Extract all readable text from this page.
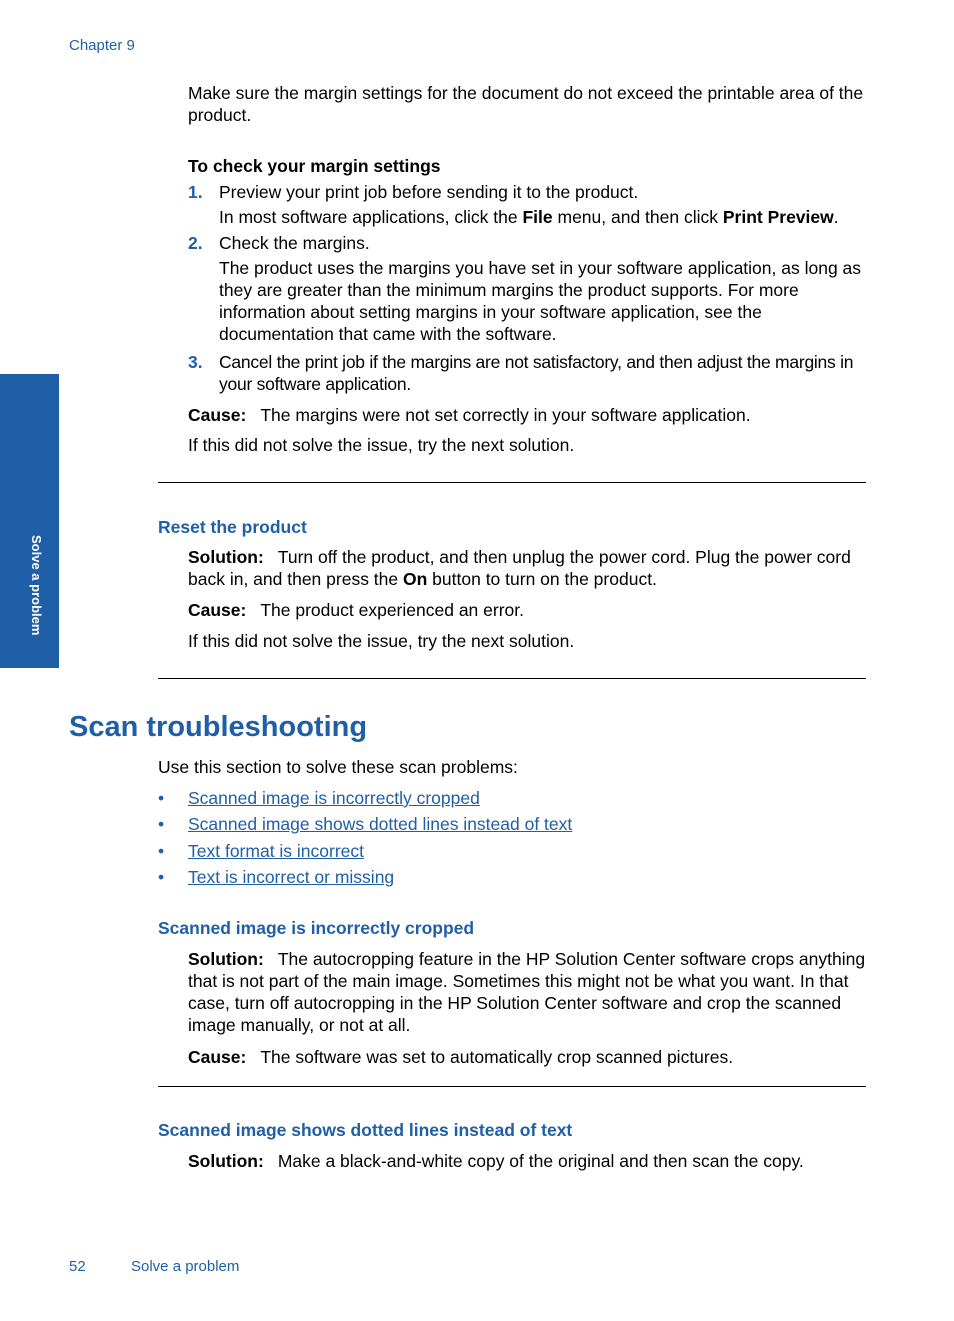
Chapter 9
Solve a problem
Make sure the margin settings for the document do not exceed the printable area of the product.
To check your margin settings
1. Preview your print job before sending it to the product.
In most software applications, click the File menu, and then click Print Preview.
2. Check the margins.
The product uses the margins you have set in your software application, as long as they are greater than the minimum margins the product supports. For more information about setting margins in your software application, see the documentation that came with the software.
3. Cancel the print job if the margins are not satisfactory, and then adjust the margins in your software application.
Cause: The margins were not set correctly in your software application.
If this did not solve the issue, try the next solution.
Reset the product
Solution: Turn off the product, and then unplug the power cord. Plug the power cord back in, and then press the On button to turn on the product.
Cause: The product experienced an error.
If this did not solve the issue, try the next solution.
Scan troubleshooting
Use this section to solve these scan problems:
• Scanned image is incorrectly cropped
• Scanned image shows dotted lines instead of text
• Text format is incorrect
• Text is incorrect or missing
Scanned image is incorrectly cropped
Solution: The autocropping feature in the HP Solution Center software crops anything that is not part of the main image. Sometimes this might not be what you want. In that case, turn off autocropping in the HP Solution Center software and crop the scanned image manually, or not at all.
Cause: The software was set to automatically crop scanned pictures.
Scanned image shows dotted lines instead of text
Solution: Make a black-and-white copy of the original and then scan the copy.
52	Solve a problem
